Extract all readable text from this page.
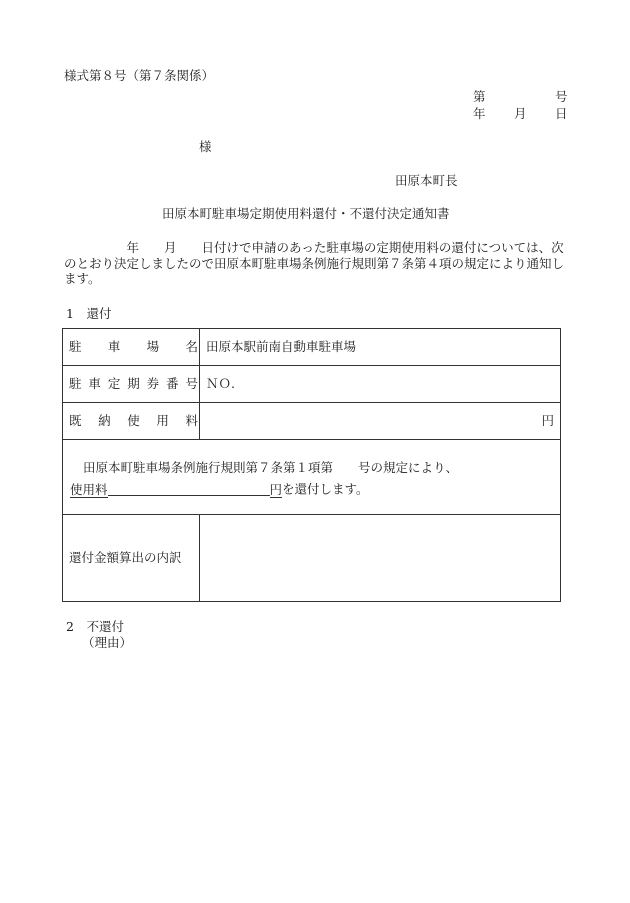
様式第８号（第７条関係）
第	号
年 月 日
様
田原本町長
田原本町駐車場定期使用料還付・不還付決定通知書
　　　　　年　　月　　日付けで申請のあった駐車場の定期使用料の還付については、次のとおり決定しましたので田原本町駐車場条例施行規則第７条第４項の規定により通知します。
1　還付
駐 車 場 名 田原本駅前南自動車駐車場
駐 車 定 期 券 番 号 ＮＯ.
既 納 使 用 料	円
田原本町駐車場条例施行規則第７条第１項第　　号の規定により、
使用料	円を還付します。
還付金額算出の内訳
2　不還付
（理由）
